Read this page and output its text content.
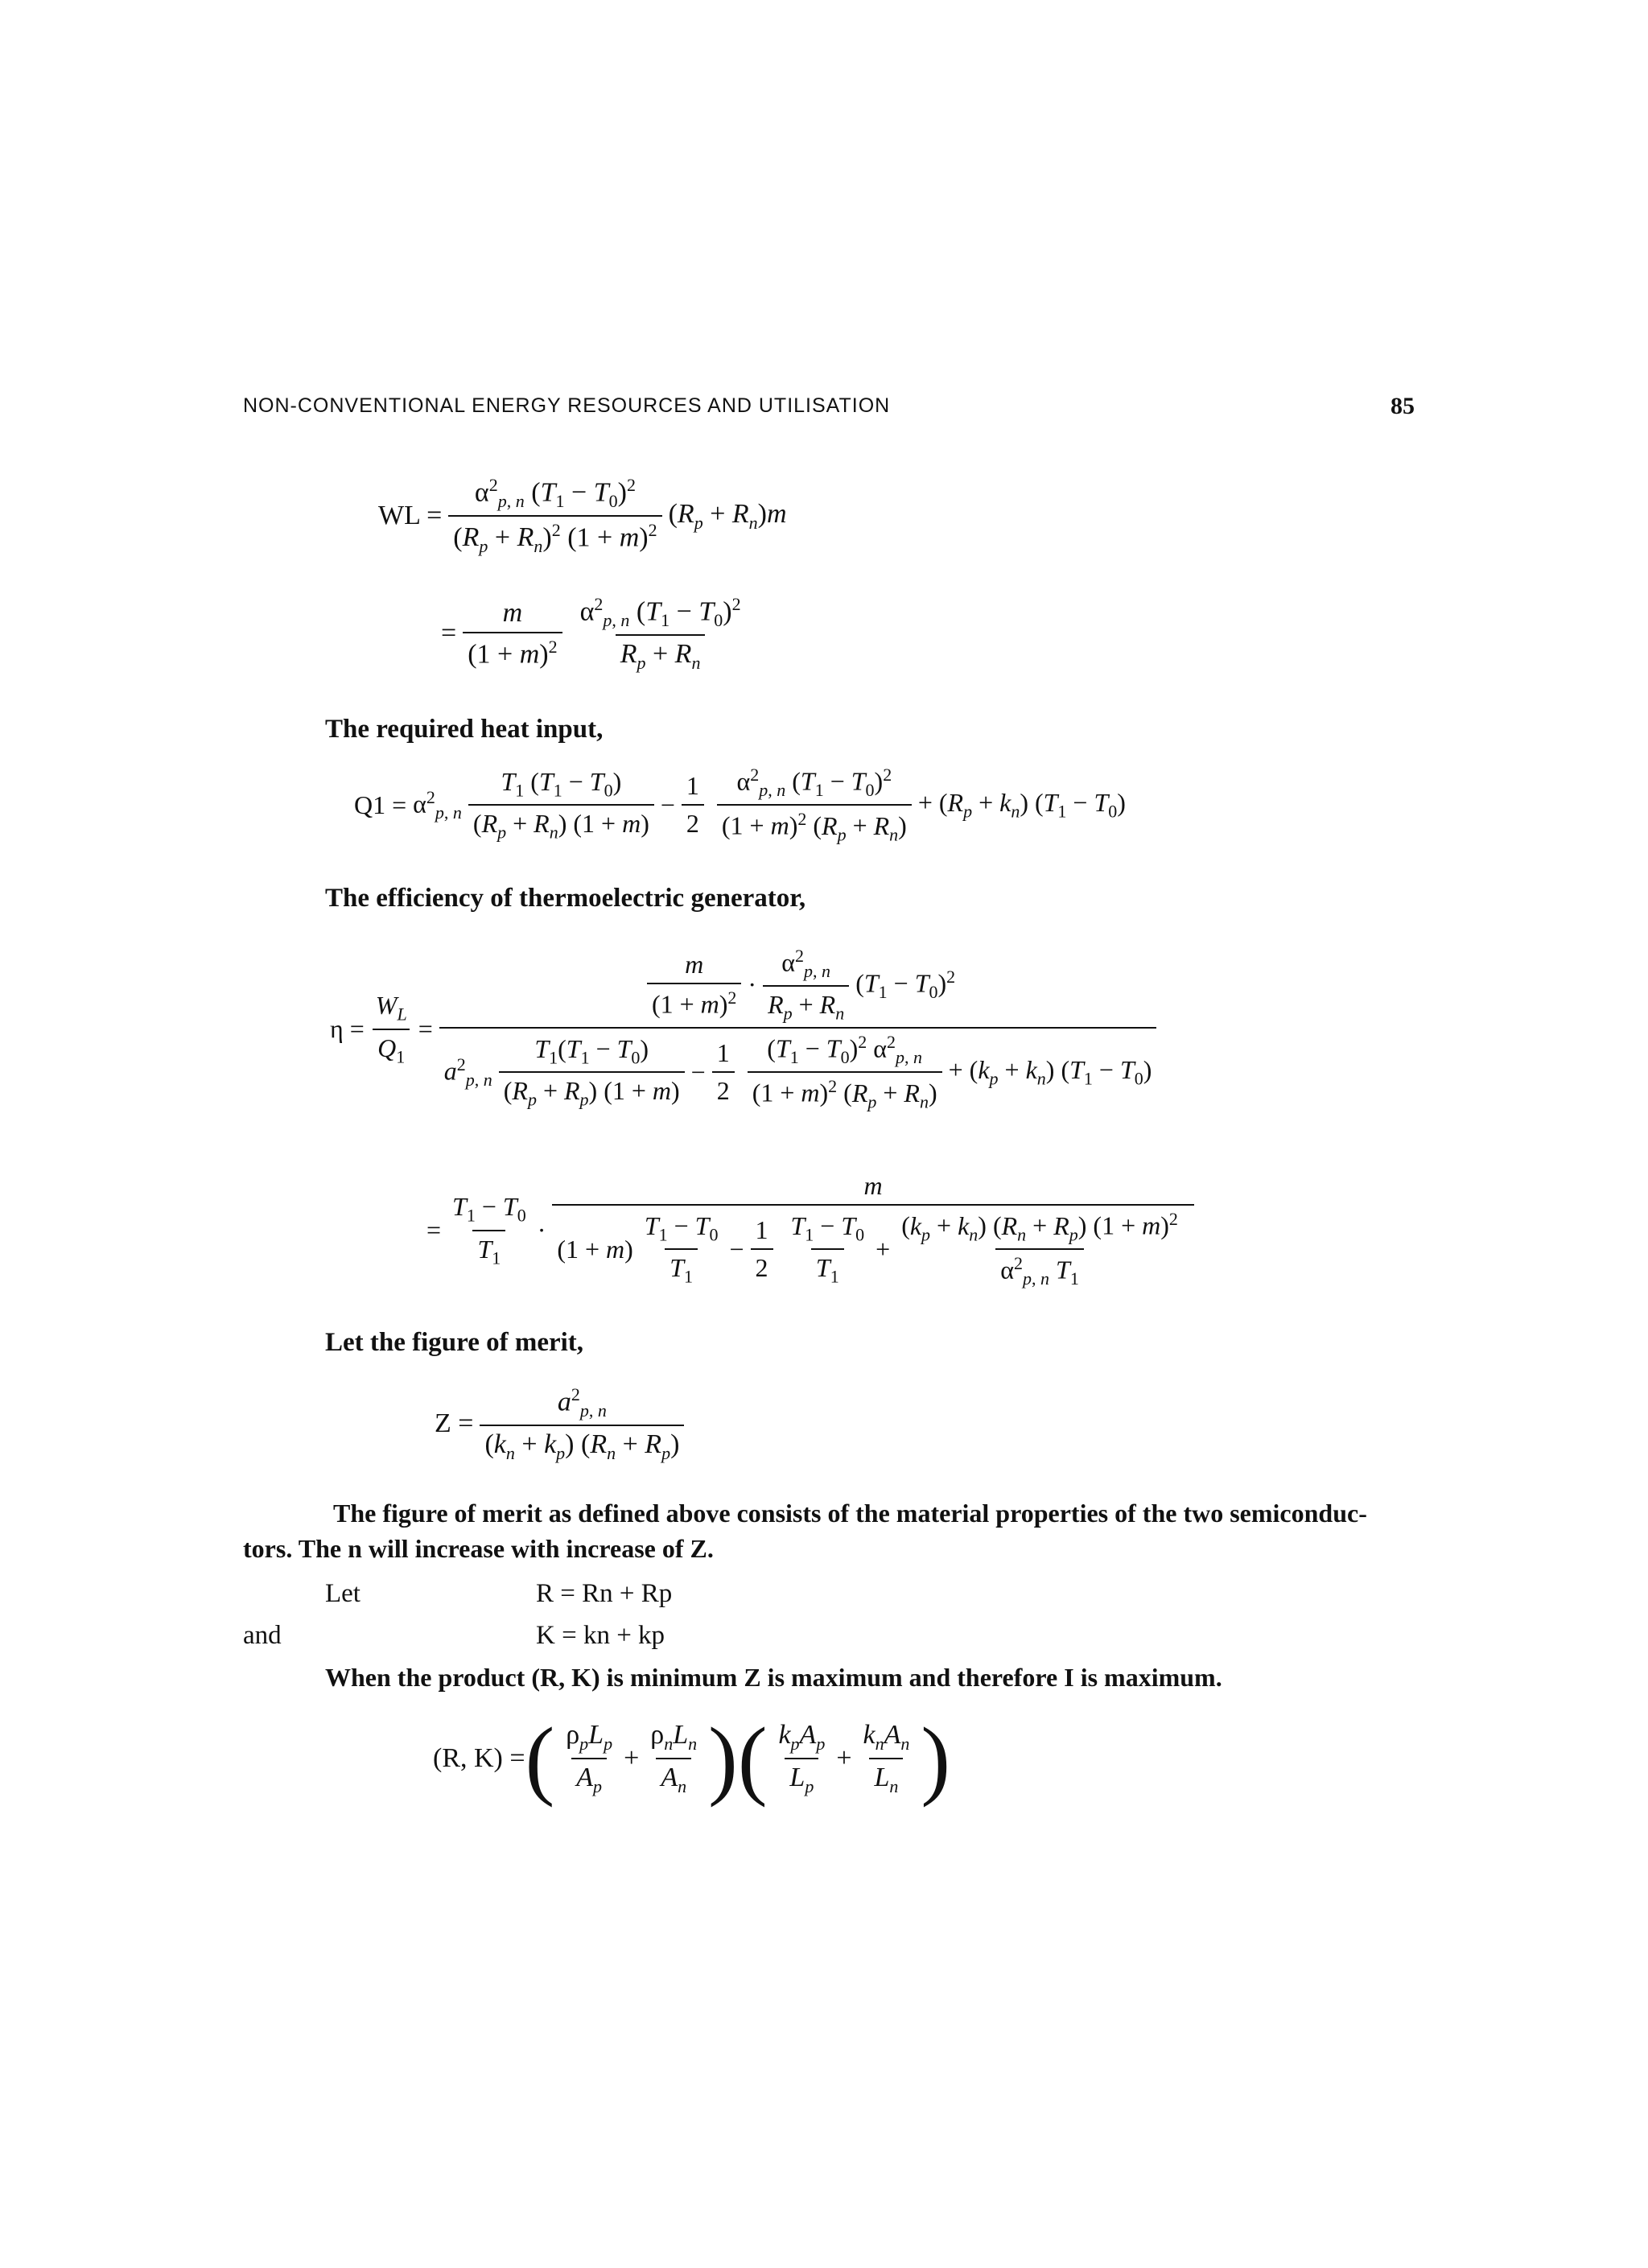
NON-CONVENTIONAL ENERGY RESOURCES AND UTILISATION	85
WL = $\frac{\alpha^2_{p, n} (T_1 - T_0)^2}{(R_p + R_n)^2 (1 + m)^2} (R_p + R_n)m$
= $\frac{m}{(1 + m)^2} \frac{\alpha^2_{p, n} (T_1 - T_0)^2}{R_p + R_n}$
The required heat input,
$Q1 = \alpha^2_{p, n} \frac{T_1 (T_1 - T_0)}{(R_p + R_n) (1 + m)} - \frac{1}{2} \frac{\alpha^2_{p, n} (T_1 - T_0)^2}{(1 + m)^2 (R_p + R_n)} + (R_p + k_n) (T_1 - T_0)$
The efficiency of thermoelectric generator,
$\eta = \frac{W_L}{Q_1}$ =
$\frac{m}{(1 + m)^2} \cdot \frac{\alpha^2_{p, n}}{R_p + R_n} (T_1 - T_0)^2$
$a^2_{p, n} \frac{T_1(T_1 - T_0)}{(R_p + R_p) (1 + m)} - \frac{1}{2} \frac{(T_1 - T_0)^2 \alpha^2_{p, n}}{(1 + m)^2 (R_p + R_n)} + (k_p + k_n) (T_1 - T_0)$
= $\frac{T_1 - T_0}{T_1}$ ·
m
$(1 + m) \frac{T_1 - T_0}{T_1} - \frac{1}{2} \frac{T_1 - T_0}{T_1} + \frac{(k_p + k_n) (R_n + R_p) (1 + m)^2}{\alpha^2_{p, n} T_1}$
Let the figure of merit,
$Z = \frac{a^2_{p, n}}{(k_n + k_p) (R_n + R_p)}$
The figure of merit as defined above consists of the material properties of the two semiconduc-
tors. The n will increase with increase of Z.
Let	R = Rn + Rp
and	K = kn + kp
When the product (R, K) is minimum Z is maximum and therefore I is maximum.
(R, K) = ( $\frac{\rho_pL_p}{A_p} + \frac{\rho_nL_n}{A_n}$ ) ( $\frac{k_pA_p}{L_p} + \frac{k_nA_n}{L_n}$ )
